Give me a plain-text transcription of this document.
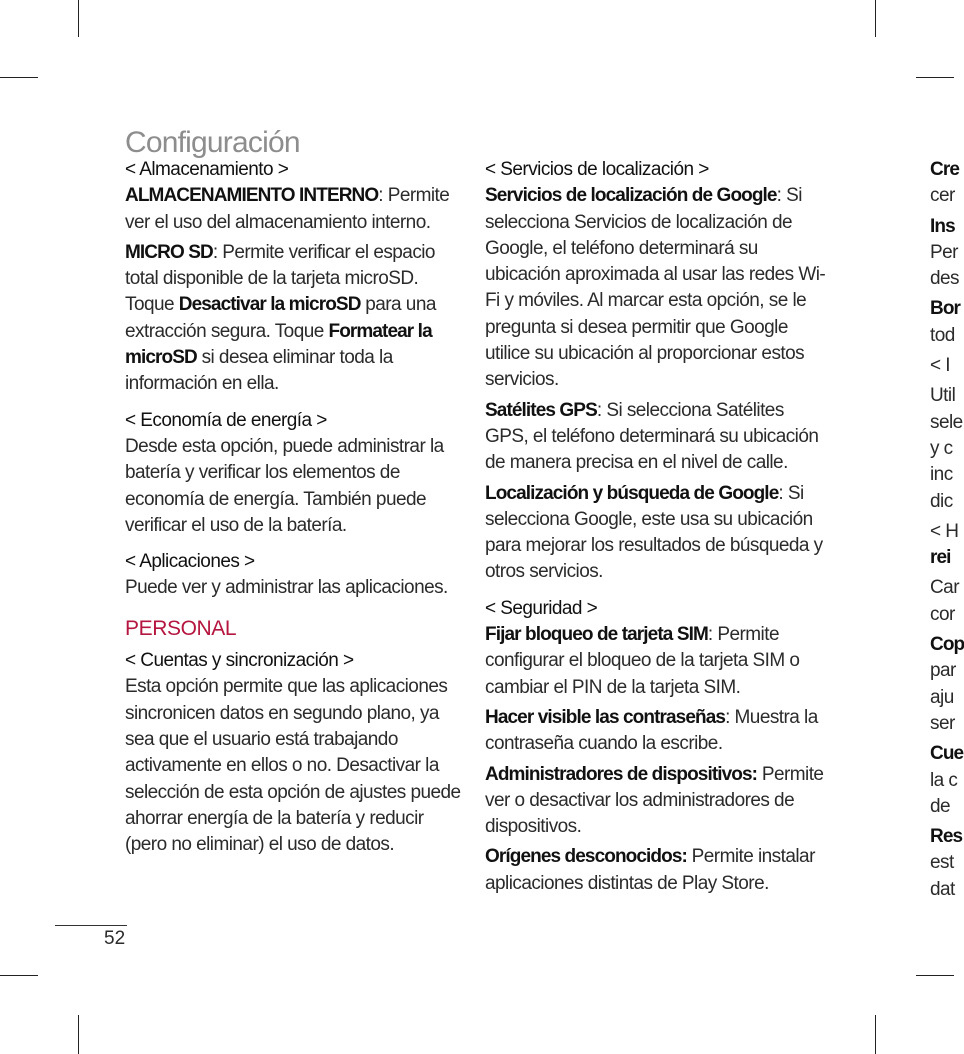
Configuración
< Almacenamiento >

ALMACENAMIENTO INTERNO: Permite ver el uso del almacenamiento interno.

MICRO SD: Permite verificar el espacio total disponible de la tarjeta microSD. Toque Desactivar la microSD para una extracción segura. Toque Formatear la microSD si desea eliminar toda la información en ella.

< Economía de energía >

Desde esta opción, puede administrar la batería y verificar los elementos de economía de energía. También puede verificar el uso de la batería.

< Aplicaciones >

Puede ver y administrar las aplicaciones.

PERSONAL
< Cuentas y sincronización >

Esta opción permite que las aplicaciones sincronicen datos en segundo plano, ya sea que el usuario está trabajando activamente en ellos o no. Desactivar la selección de esta opción de ajustes puede ahorrar energía de la batería y reducir (pero no eliminar) el uso de datos.

< Servicios de localización >

Servicios de localización de Google: Si selecciona Servicios de localización de Google, el teléfono determinará su ubicación aproximada al usar las redes Wi-Fi y móviles. Al marcar esta opción, se le pregunta si desea permitir que Google utilice su ubicación al proporcionar estos servicios.

Satélites GPS: Si selecciona Satélites GPS, el teléfono determinará su ubicación de manera precisa en el nivel de calle.

Localización y búsqueda de Google: Si selecciona Google, este usa su ubicación para mejorar los resultados de búsqueda y otros servicios.

< Seguridad >

Fijar bloqueo de tarjeta SIM: Permite configurar el bloqueo de la tarjeta SIM o cambiar el PIN de la tarjeta SIM.

Hacer visible las contraseñas: Muestra la contraseña cuando la escribe.

Administradores de dispositivos: Permite ver o desactivar los administradores de dispositivos.

Orígenes desconocidos: Permite instalar aplicaciones distintas de Play Store.

Cre
cer
Ins
Per
des
Bor
tod
< I
Util
sele
y c
inc
dic
< H
rei
Car
cor
Cop
par
aju
ser
Cue
la c
de
Res
est
dat
52
